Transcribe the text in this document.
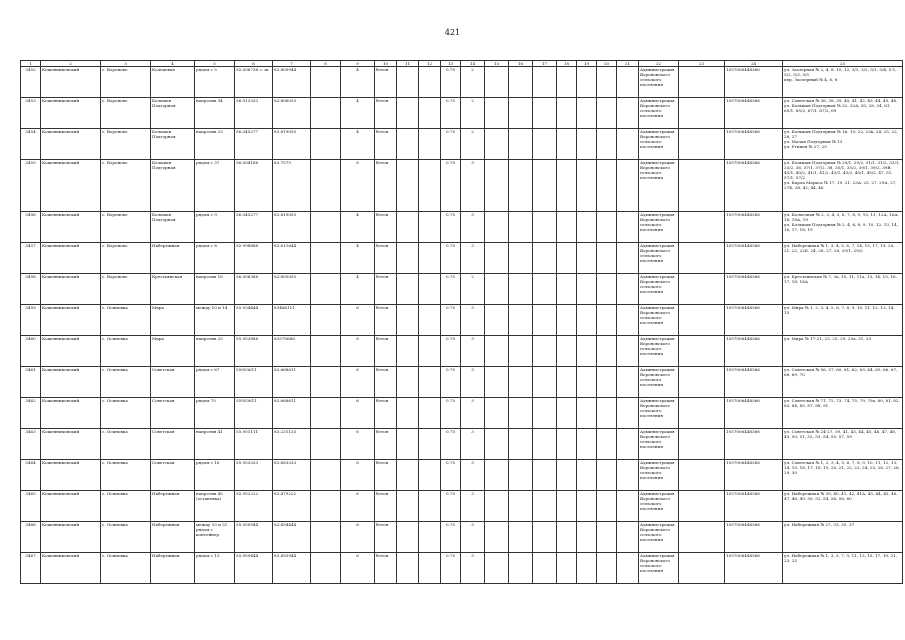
421
1	2	3	4	5	6	7	8	9	10	11	12	13	14	15	16	17	18	19	20	21	22	23	24	25
3452	Кожевниковский	с. Вороново	Кольцевая	рядом с 5	55.006738 с. ш.	83.809944		4	бетон			0.75	2								Администрация Вороновского сельского поселения		1057006448366	ул. Заозерная № 2, 4, 8, 10, 12, 3/1, 3/2, 5/1, 5/4, 5-1, 5/2, 5/3, 5/5
пер. Заозерный № 4, 6, 8
3453	Кожевниковский	с. Вороново	Большая Подгорная	напротив 34	56.013333	83.806033		4	бетон			0.75	2								Администрация Вороновского сельского поселения		1057006448366	ул. Советская № 36, 38, 39, 40, 41, 42, 43, 44, 45, 46
ул. Большая Подгорная № 32, 32А, 30, 28, 34, 61, 65/1, 65/2, 67/1, 67/2, 69
3454	Кожевниковский	с. Вороново	Большая Подгорная	напротив 23	56.045277	83.819055		4	бетон			0.75	2								Администрация Вороновского сельского поселения		1057006448366	ул. Большая Подгорная № 16, 19, 22, 23к, 24, 25, 22, 26, 27
ул. Малая Подгорная № 13
ул. Утиная № 27, 25
3455	Кожевниковский	с. Вороново	Большая Подгорная	рядом с 37	56.004188	83.7575		6	бетон			0.75	3								Администрация Вороновского сельского поселения		1057006448366	ул. Большая Подгорная № 29/1, 29/2, 31/1, 31/2, 33/1, 33/2, 36, 37/1, 37/2, 38, 35/1, 35/2, 39/1, 39/2, 39В, 40/1, 40/2, 41/1, 41/2, 43/1, 43/2, 45/1, 45/2, 47, 51, 57/1, 57/2
ул. Карла Маркса № 17, 19, 21, 23А, 25, 27, 29А, 27, 27Б, 38, 42, 44, 46
3456	Кожевниковский	с. Вороново	Большая Подгорная	рядом с 9	56.045277	83.819055		4	бетон			0.75	3								Администрация Вороновского сельского поселения		1057006448366	ул. Колхозная № 2, 3, 4, 5, 6, 7, 8, 9, 10, 11, 12А, 16А, 18, 18А, 19
ул. Большая Подгорная № 2, 4, 6, 8, 9, 10, 12, 13, 14, 16, 17, 18, 19
3457	Кожевниковский	с. Вороново	Набережная	рядом с 8	55.998888	83.611644		4	бетон			0.75	3								Администрация Вороновского сельского поселения		1057006448366	ул. Набережная № 1, 3, 4, 5, 6, 7, 14, 15, 17, 19, 20, 21, 22, 22Б, 24, 26, 27, 28, 29/1, 29/2
3458	Кожевниковский	с. Вороново	Крестьянская	напротив 18	56.006388	83.805055		4	бетон			0.75	2								Администрация Вороновского сельского поселения		1057006448366	ул. Крестьянская № 7, 3а, 10, 11, 11а, 13, 14, 15, 16, 17, 18, 18А
3459	Кожевниковский	с. Осиновка	Мира	между 10 и 14	55.934444	83466111		6	бетон			0.75	3								Администрация Вороновского сельского поселения		1057006448366	ул. Мира № 1, 2, 3, 4, 5, 6, 7, 8, 9, 10, 11, 12, 13, 14, 15
3460	Кожевниковский	с. Осиновка	Мира	напротив 25	55.953888	83570666		6	бетон			0.75	3								Администрация Вороновского сельского поселения		1057006448366	ул. Мира № 17-21, 23, 25, 29, 29а, 31, 33
3461	Кожевниковский	с. Осиновка	Советская	рядом с 67	55953611	83.668611		6	бетон			0.75	3								Администрация Вороновского сельского поселения		1057006448366	ул. Советская № 56, 57, 60, 61, 62, 63, 64, 65, 66, 67, 68, 69, 70
3462	Кожевниковский	с. Осиновка	Советская	рядом 75	55953611	83.668611		6	бетон			0.75	3								Администрация Вороновского сельского поселения		1057006448366	ул. Советская № 71, 72, 73, 74, 75, 79, 79а, 80, 81, 82, 83, 84, 85, 87, 88, 91
3463	Кожевниковский	с. Осиновка	Советская	напротив 41	55.951111	83.231133		6	бетон			0.75	3								Администрация Вороновского сельского поселения		1057006448366	ул. Советская № 24-27, 39, 41, 43, 44, 45, 46, 47, 48, 49, 50, 51, 52, 53, 54, 55, 57, 59
3464	Кожевниковский	с. Осиновка	Советская	рядом с 16	55.953333	83.683333		6	бетон			0.75	3								Администрация Вороновского сельского поселения		1057006448366	ул. Советская № 1, 2, 3, 4, 5, 6, 7, 8, 9, 10, 11, 12, 13, 14, 15, 16, 17, 18, 19, 20, 21, 22, 23, 24, 25, 26, 27, 28, 29, 30
3465	Кожевниковский	с. Осиновка	Набережная	напротив 45 (остановка)	55.952222	83.479222		6	бетон			0.75	3								Администрация Вороновского сельского поселения		1057006448366	ул. Набережная № 39, 40, 41, 42, 41А, 43, 44, 45, 46, 47, 48, 49, 50, 52, 54, 56, 58, 60
3466	Кожевниковский	с. Осиновка	Набережная	между 33 и 31 рядом с контейнер	55.950944	83.494444		6	бетон			0.75	3								Администрация Вороновского сельского поселения		1057006448366	ул. Набережная № 27, 33, 35, 37
3467	Кожевниковский	с. Осиновка	Набережная	рядом с 13	55.959444	83.493944		6	бетон			0.75	3								Администрация Вороновского сельского поселения		1057006448366	ул. Набережная № 1, 3, 5, 7, 9, 11, 13, 15, 17, 19, 21, 23, 25
